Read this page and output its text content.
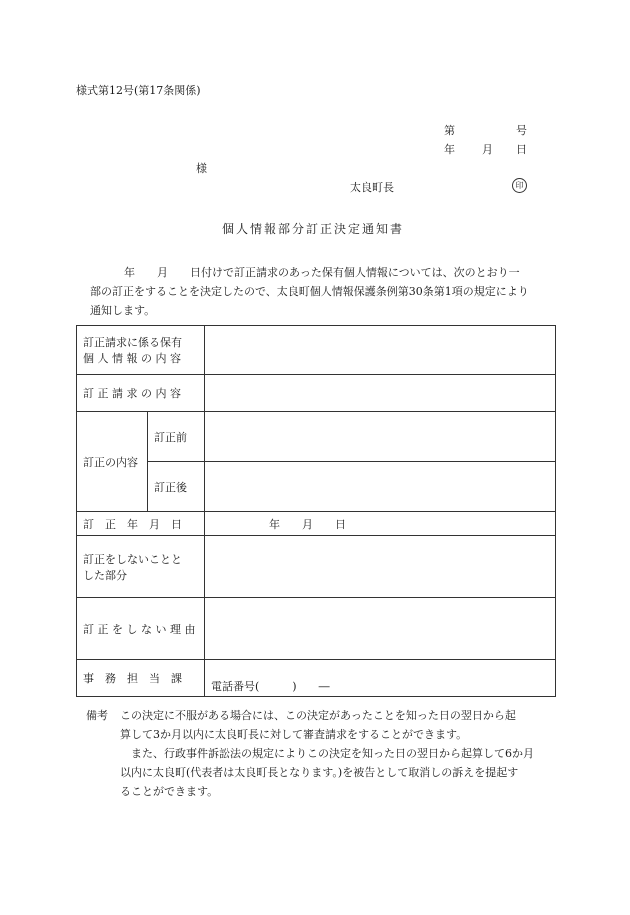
様式第12号(第17条関係)
第	号
年 月 日
様
太良町長	印
個人情報部分訂正決定通知書

年　　月　　日付けで訂正請求のあった保有個人情報については、次のとおり一

部の訂正をすることを決定したので、太良町個人情報保護条例第30条第1項の規定により

通知します。

訂正請求に係る保有
個 人 情 報 の 内 容		

訂 正 請 求 の 内 容		
訂正の内容	訂正前	
	訂正後	
訂　正　年　月　日		年　　月　　日

訂正をしないことと
した部分		

訂 正 を し な い 理 由		
事　務　担　当　課		電話番号(　　　)　　―
備考	この決定に不服がある場合には、この決定があったことを知った日の翌日から起
算して3か月以内に太良町長に対して審査請求をすることができます。
また、行政事件訴訟法の規定によりこの決定を知った日の翌日から起算して6か月
以内に太良町(代表者は太良町長となります。)を被告として取消しの訴えを提起す
ることができます。
